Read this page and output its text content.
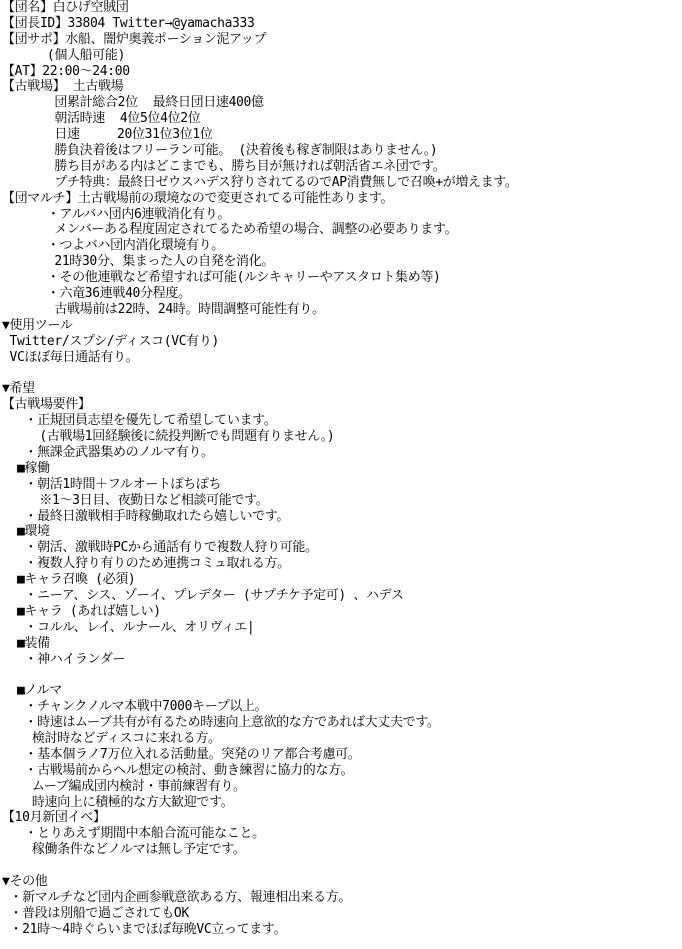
【団名】白ひげ空賊団
【団長ID】33804 Twitter→@yamacha333
【団サポ】水船、闇炉奥義ポーション泥アップ
(個人船可能)
【AT】22:00～24:00
【古戦場】 土古戦場
団累計総合2位  最終日団日速400億
朝活時速  4位5位4位2位
日速     20位31位3位1位
勝負決着後はフリーラン可能。 (決着後も稼ぎ制限はありません。)
勝ち目がある内はどこまでも、勝ち目が無ければ朝活省エネ団です。
プチ特典：最終日ゼウスハデス狩りされてるのでAP消費無しで召喚+が増えます。
【団マルチ】土古戦場前の環境なので変更されてる可能性あります。
・アルバハ団内6連戦消化有り。
メンバーある程度固定されてるため希望の場合、調整の必要あります。
・つよバハ団内消化環境有り。
21時30分、集まった人の自発を消化。
・その他連戦など希望すれば可能(ルシキャリーやアスタロト集め等)
・六竜36連戦40分程度。
古戦場前は22時、24時。時間調整可能性有り。
▼使用ツール
Twitter/スプシ/ディスコ(VC有り)
VCほぼ毎日通話有り。
▼希望
【古戦場要件】
・正規団員志望を優先して希望しています。
(古戦場1回経験後に続投判断でも問題有りません。)
・無課金武器集めのノルマ有り。
■稼働
・朝活1時間＋フルオートぽちぽち
※1～3日目、夜勤日など相談可能です。
・最終日激戦相手時稼働取れたら嬉しいです。
■環境
・朝活、激戦時PCから通話有りで複数人狩り可能。
・複数人狩り有りのため連携コミュ取れる方。
■キャラ召喚 (必須)
・ニーア、シス、ゾーイ、プレデター (サプチケ予定可) 、ハデス
■キャラ (あれば嬉しい)
・コルル、レイ、ルナール、オリヴィエ|
■装備
・神ハイランダー
■ノルマ
・チャンクノルマ本戦中7000キープ以上。
・時速はムーブ共有が有るため時速向上意欲的な方であれば大丈夫です。
検討時などディスコに来れる方。
・基本個ラノ7万位入れる活動量。突発のリア都合考慮可。
・古戦場前からヘル想定の検討、動き練習に協力的な方。
ムーブ編成団内検討・事前練習有り。
時速向上に積極的な方大歓迎です。
【10月新団イベ】
・とりあえず期間中本船合流可能なこと。
稼働条件などノルマは無し予定です。
▼その他
・新マルチなど団内企画参戦意欲ある方、報連相出来る方。
・普段は別船で過ごされてもOK
・21時～4時ぐらいまでほぼ毎晩VC立ってます。
